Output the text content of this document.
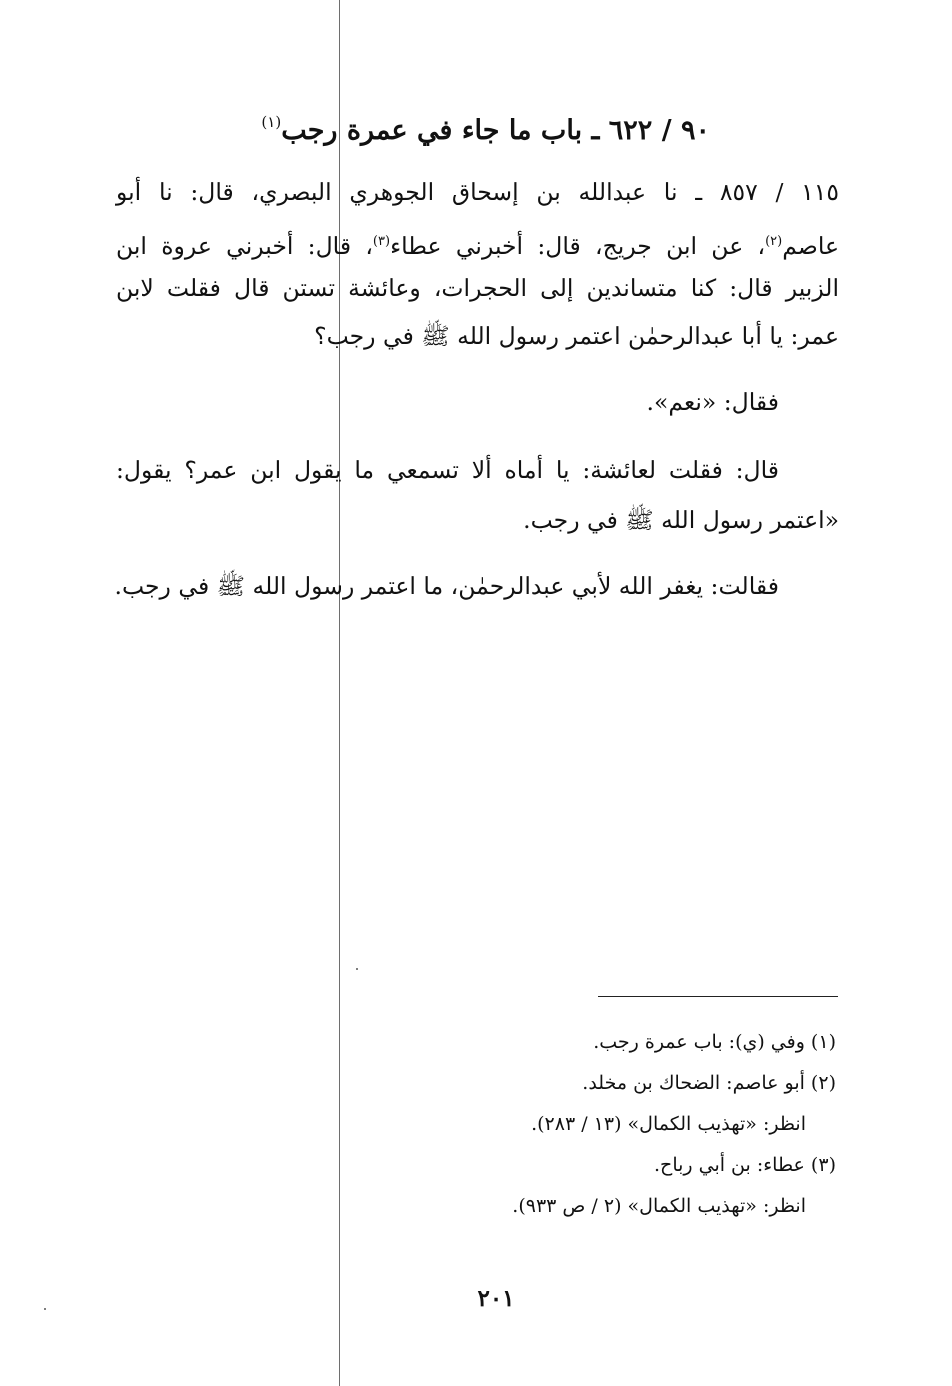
٩٠ / ٦٢٢ ـ باب ما جاء في عمرة رجب$^{(١)}$
١١٥ / ٨٥٧ ـ نا عبدالله بن إسحاق الجوهري البصري، قال: نا أبو
عاصم$^{(٢)}$، عن ابن جريج، قال: أخبرني عطاء$^{(٣)}$، قال: أخبرني عروة ابن
الزبير قال: كنا متساندين إلى الحجرات، وعائشة تستن قال فقلت لابن
عمر: يا أبا عبدالرحمٰن اعتمر رسول الله ﷺ في رجب؟
فقال: «نعم».
قال: فقلت لعائشة: يا أماه ألا تسمعي ما يقول ابن عمر؟ يقول:
«اعتمر رسول الله ﷺ في رجب.
فقالت: يغفر الله لأبي عبدالرحمٰن، ما اعتمر رسول الله ﷺ في رجب.
(١) وفي (ي): باب عمرة رجب.
(٢) أبو عاصم: الضحاك بن مخلد.
انظر: «تهذيب الكمال» (١٣ / ٢٨٣).
(٣) عطاء: بن أبي رباح.
انظر: «تهذيب الكمال» (٢ / ص ٩٣٣).
٢٠١
